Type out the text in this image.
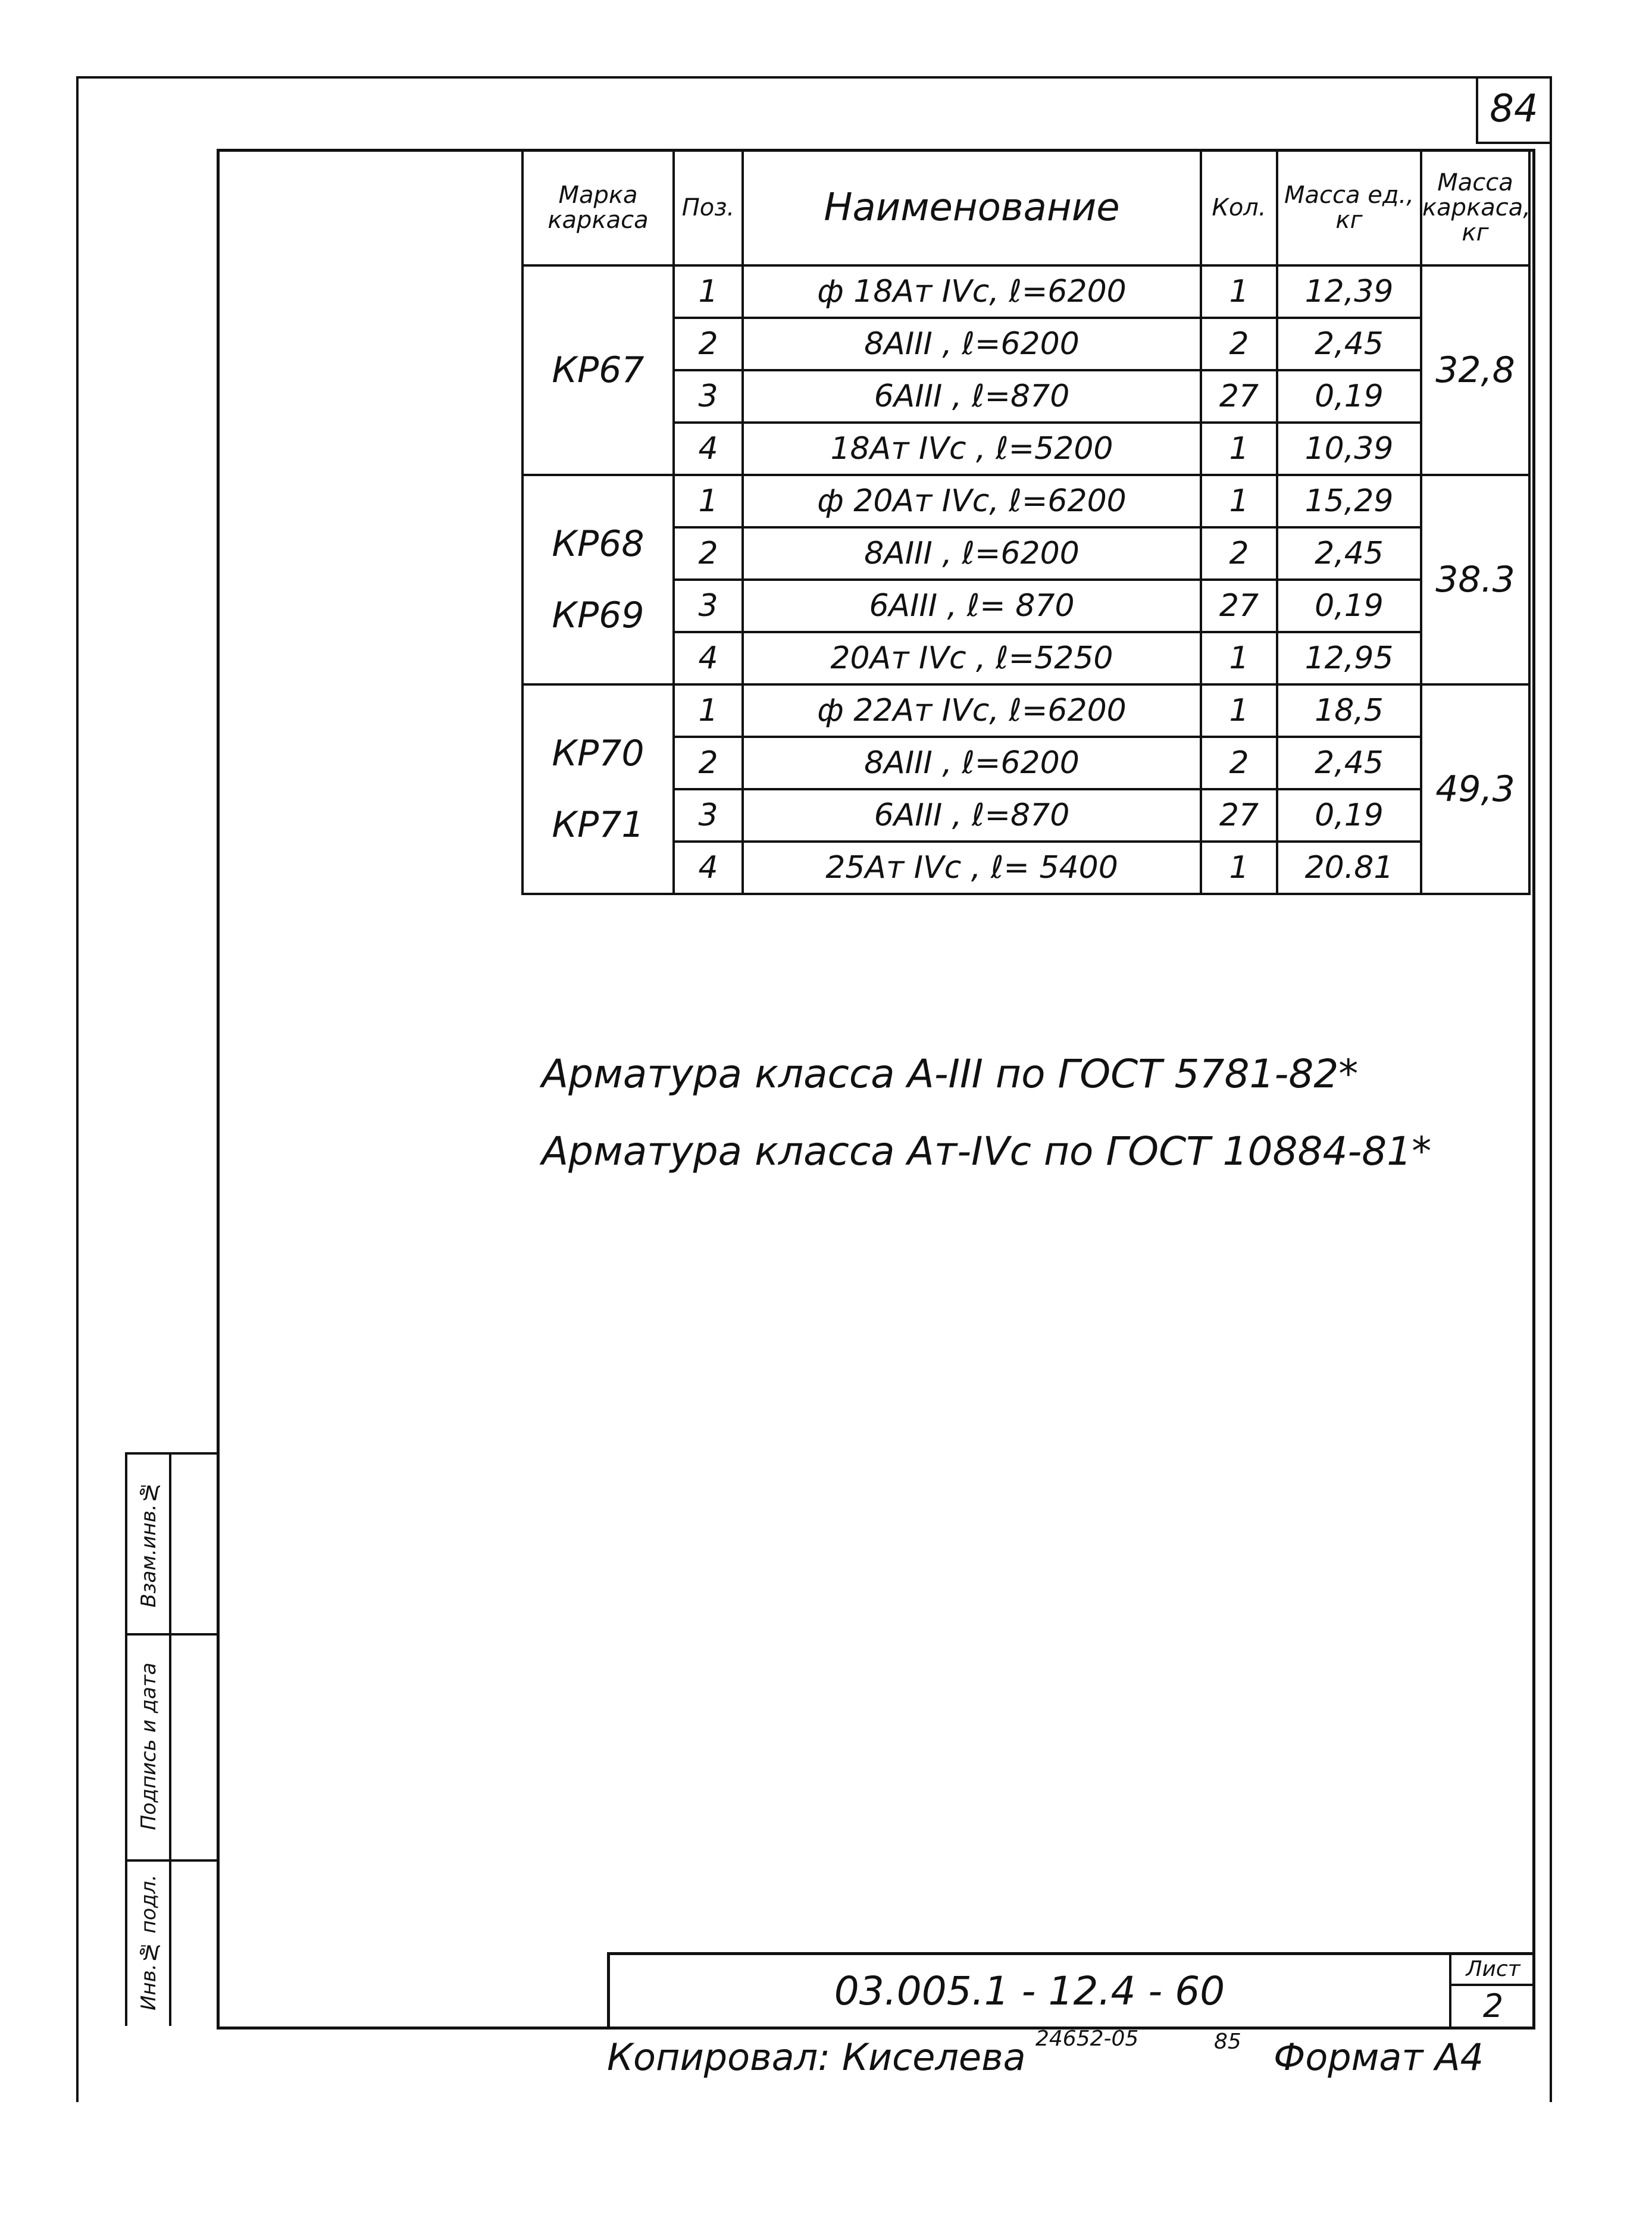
84
Марка каркаса	Поз.	Наименование	Кол.	Масса ед., кг	Масса каркаса, кг

КР67	1	ф 18Ат IVс, ℓ=6200	1	12,39	32,8
	2	8АIII , ℓ=6200	2	2,45	
	3	6АIII , ℓ=870	27	0,19	
	4	18Ат IVс , ℓ=5200	1	10,39	

КР68
КР69	1	ф 20Ат IVс, ℓ=6200	1	15,29	38.3
	2	8АIII , ℓ=6200	2	2,45	
	3	6АIII , ℓ= 870	27	0,19	
	4	20Ат IVс , ℓ=5250	1	12,95	

КР70
КР71	1	ф 22Ат IVс, ℓ=6200	1	18,5	49,3
	2	8АIII , ℓ=6200	2	2,45	
	3	6АIII , ℓ=870	27	0,19	
	4	25Ат IVс , ℓ= 5400	1	20.81	
Арматура класса А-III по ГОСТ 5781-82*
Арматура класса Ат-IVс по ГОСТ 10884-81*
Взам.инв.№
Подпись и дата
Инв.№ подл.	03.005.1 - 12.4 - 60	Лист
2
Копировал: Киселева 24652-05	85 Формат А4
